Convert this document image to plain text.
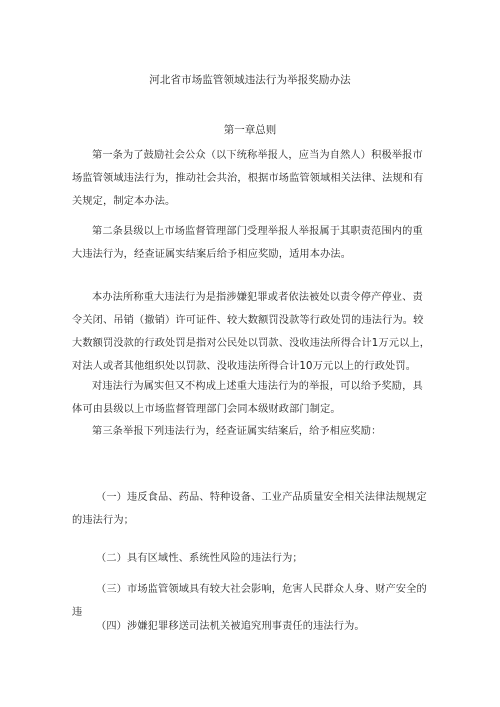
河北省市场监管领域违法行为举报奖励办法
第一章总则

第一条为了鼓励社会公众（以下统称举报人，应当为自然人）积极举报市场监管领域违法行为，推动社会共治，根据市场监管领域相关法律、法规和有关规定，制定本办法。

第二条县级以上市场监督管理部门受理举报人举报属于其职责范围内的重大违法行为，经查证属实结案后给予相应奖励，适用本办法。

本办法所称重大违法行为是指涉嫌犯罪或者依法被处以责令停产停业、责令关闭、吊销（撤销）许可证件、较大数额罚没款等行政处罚的违法行为。较大数额罚没款的行政处罚是指对公民处以罚款、没收违法所得合计1万元以上，对法人或者其他组织处以罚款、没收违法所得合计10万元以上的行政处罚。

对违法行为属实但又不构成上述重大违法行为的举报，可以给予奖励，具体可由县级以上市场监督管理部门会同本级财政部门制定。

第三条举报下列违法行为，经查证属实结案后，给予相应奖励：

（一）违反食品、药品、特种设备、工业产品质量安全相关法律法规规定的违法行为；

（二）具有区域性、系统性风险的违法行为；

（三）市场监管领域具有较大社会影响，危害人民群众人身、财产安全的违

（四）涉嫌犯罪移送司法机关被追究刑事责任的违法行为。
